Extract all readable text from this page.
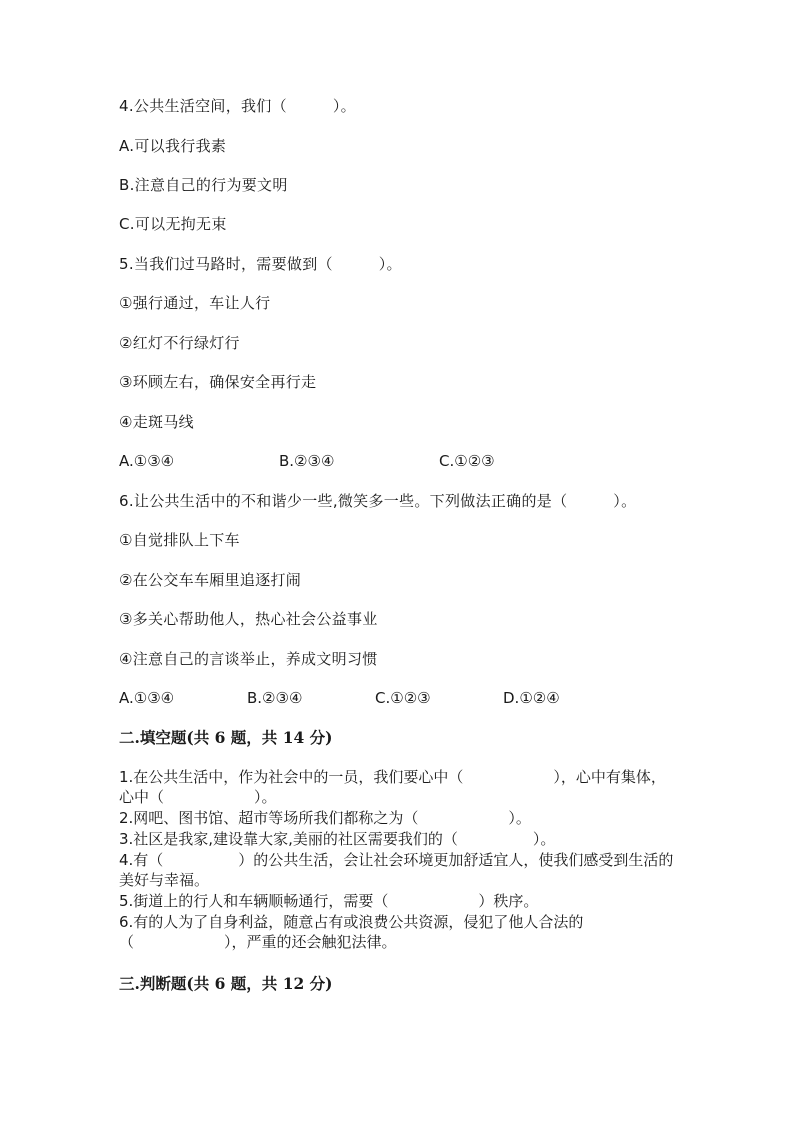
4.公共生活空间，我们（　　　）。
A.可以我行我素
B.注意自己的行为要文明
C.可以无拘无束
5.当我们过马路时，需要做到（　　　）。
①强行通过，车让人行
②红灯不行绿灯行
③环顾左右，确保安全再行走
④走斑马线

A.①③④

	B.②③④

	C.①②③

6.让公共生活中的不和谐少一些,微笑多一些。下列做法正确的是（　　　）。
①自觉排队上下车
②在公交车车厢里追逐打闹
③多关心帮助他人，热心社会公益事业
④注意自己的言谈举止，养成文明习惯

A.①③④

	B.②③④

	C.①②③

	D.①②④

二.填空题(共 6 题，共 14 分)
1.在公共生活中，作为社会中的一员，我们要心中（　　　　　　），心中有集体，心中（　　　　　　）。
2.网吧、图书馆、超市等场所我们都称之为（　　　　　　）。
3.社区是我家,建设靠大家,美丽的社区需要我们的（　　　　　）。
4.有（　　　　　）的公共生活，会让社会环境更加舒适宜人，使我们感受到生活的美好与幸福。
5.街道上的行人和车辆顺畅通行，需要（　　　　　　）秩序。
6.有的人为了自身利益，随意占有或浪费公共资源，侵犯了他人合法的（　　　　　　），严重的还会触犯法律。
三.判断题(共 6 题，共 12 分)
